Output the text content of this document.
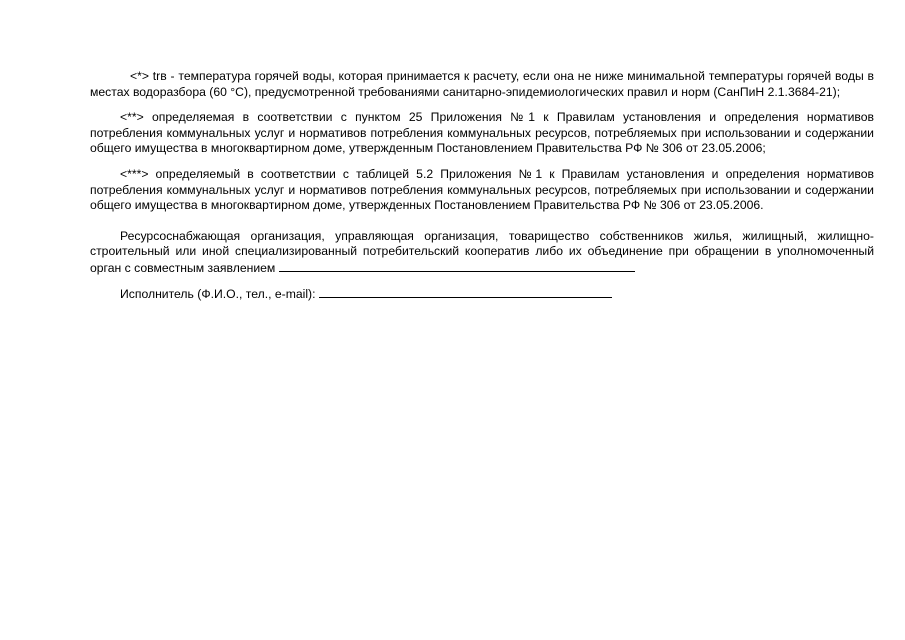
<*> trв - температура горячей воды, которая принимается к расчету, если она не ниже минимальной температуры горячей воды в местах водоразбора (60 °С), предусмотренной требованиями санитарно-эпидемиологических правил и норм (СанПиН 2.1.3684-21);

<**> определяемая в соответствии с пунктом 25 Приложения №1 к Правилам установления и определения нормативов потребления коммунальных услуг и нормативов потребления коммунальных ресурсов, потребляемых при использовании и содержании общего имущества в многоквартирном доме, утвержденным Постановлением Правительства РФ № 306 от 23.05.2006;

<***> определяемый в соответствии с таблицей 5.2 Приложения №1 к Правилам установления и определения нормативов потребления коммунальных услуг и нормативов потребления коммунальных ресурсов, потребляемых при использовании и содержании общего имущества в многоквартирном доме, утвержденных Постановлением Правительства РФ № 306 от 23.05.2006.

Ресурсоснабжающая организация, управляющая организация, товарищество собственников жилья, жилищный, жилищно-строительный или иной специализированный потребительский кооператив либо их объединение при обращении в уполномоченный орган с совместным заявлением

Исполнитель (Ф.И.О., тел., e-mail):
